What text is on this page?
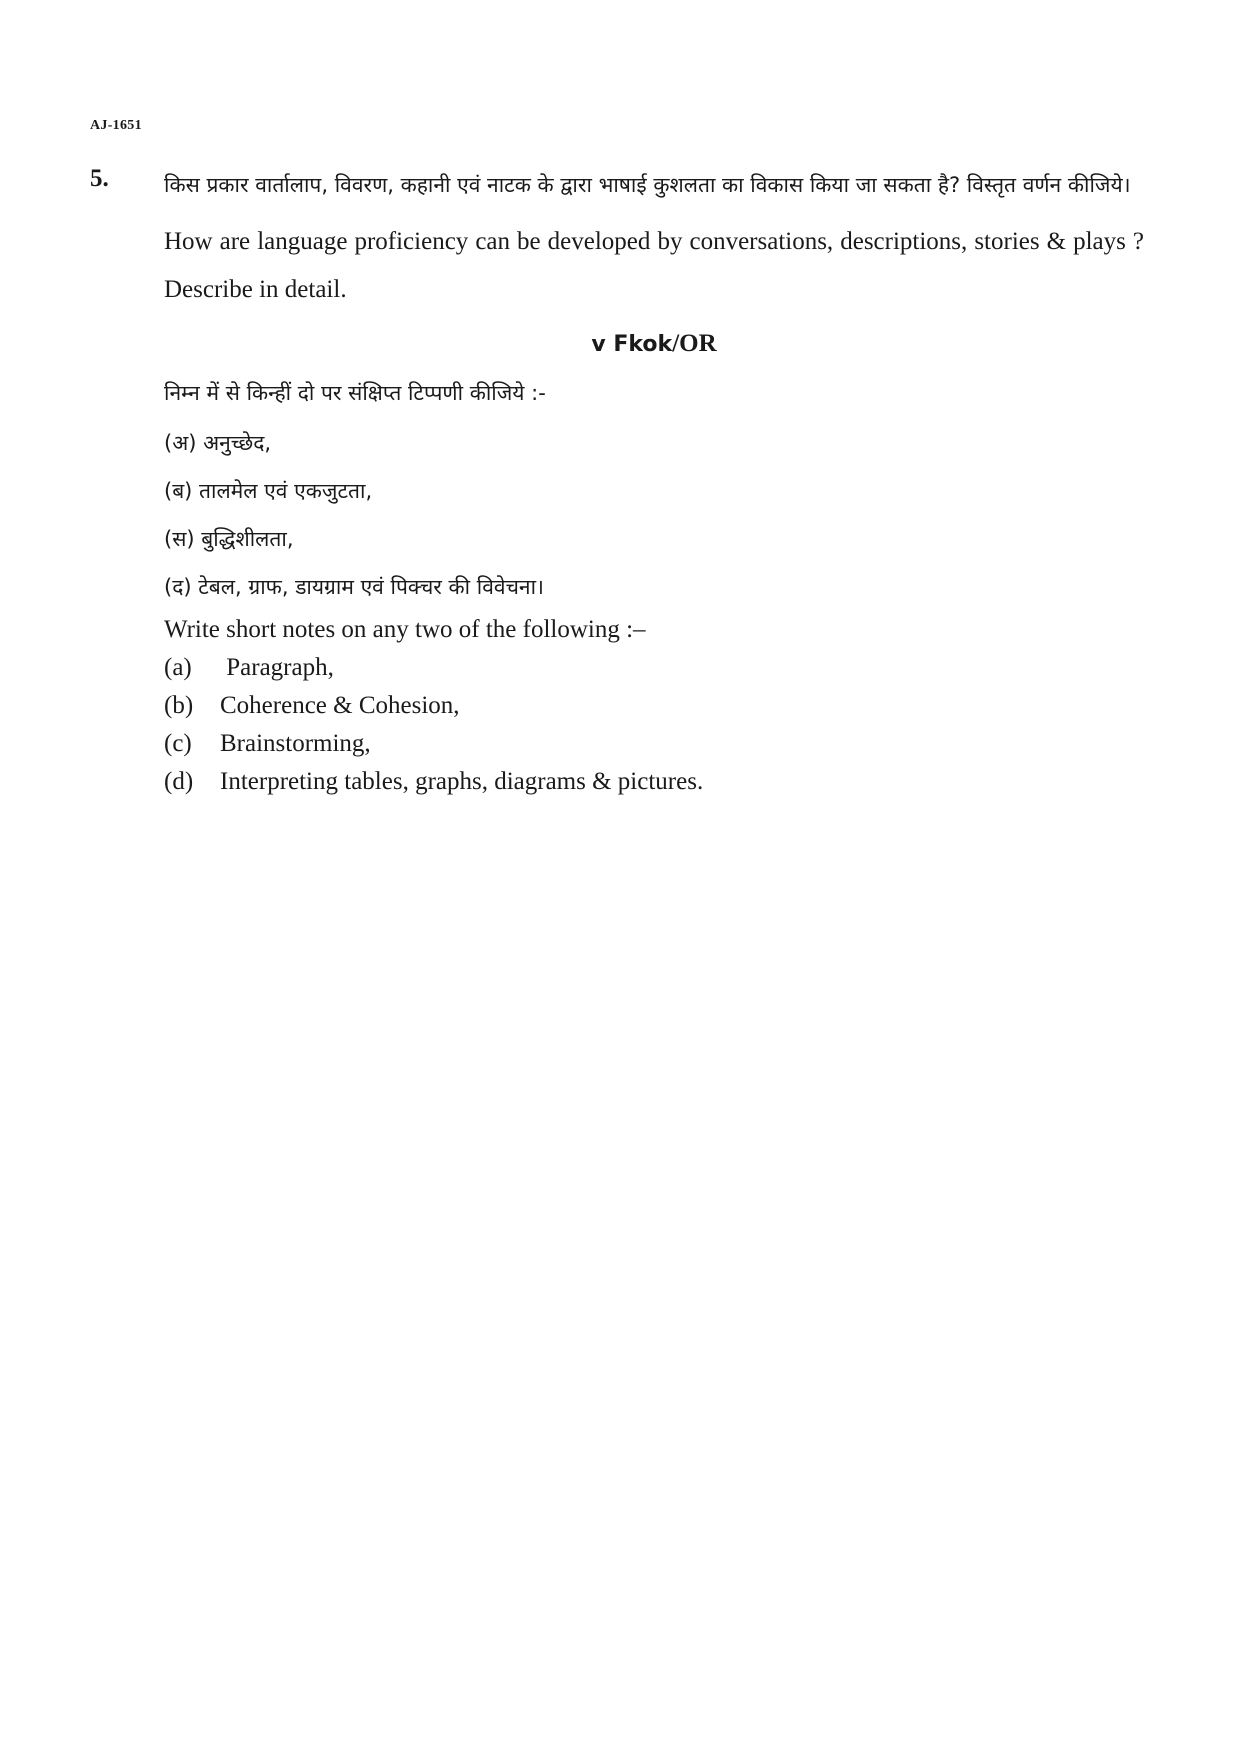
AJ-1651
5.	किस प्रकार वार्तालाप, विवरण, कहानी एवं नाटक के द्वारा भाषाई कुशलता का विकास किया जा सकता है? विस्तृत वर्णन कीजिये।
How are language proficiency can be developed by conversations, descriptions, stories & plays ? Describe in detail.
v Fkok/OR
निम्न में से किन्हीं दो पर संक्षिप्त टिप्पणी कीजिये :-
(अ) अनुच्छेद,
(ब) तालमेल एवं एकजुटता,
(स) बुद्धिशीलता,
(द) टेबल, ग्राफ, डायग्राम एवं पिक्चर की विवेचना।
Write short notes on any two of the following :–
(a)	Paragraph,
(b)	Coherence & Cohesion,
(c)	Brainstorming,
(d)	Interpreting tables, graphs, diagrams & pictures.
